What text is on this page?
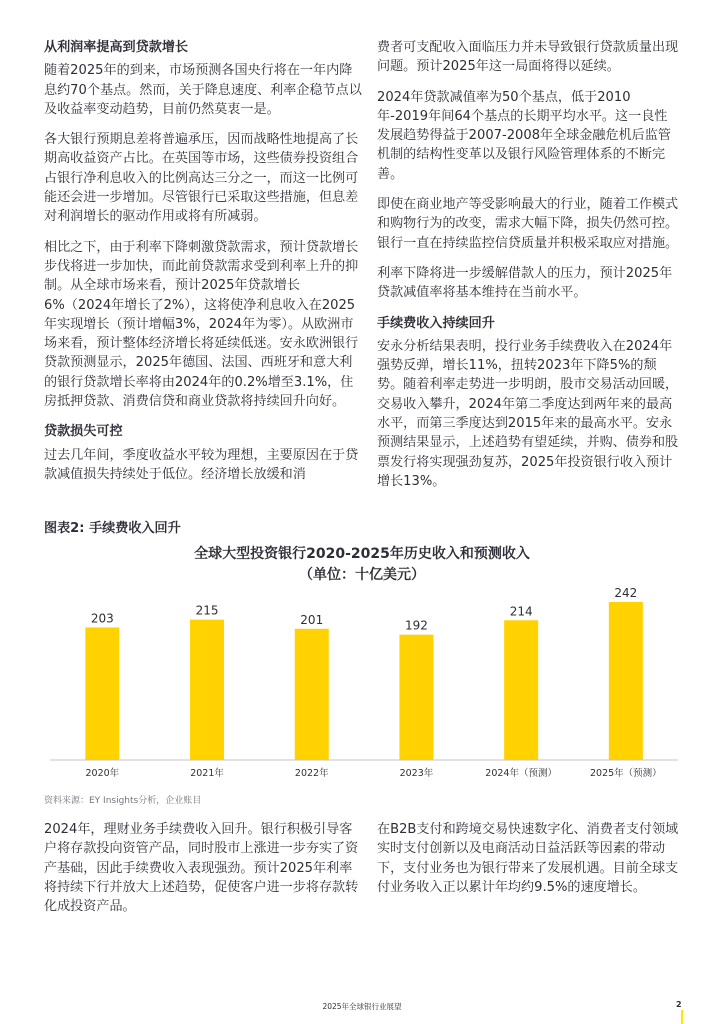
从利润率提高到贷款增长

随着2025年的到来，市场预测各国央行将在一年内降息约70个基点。然而，关于降息速度、利率企稳节点以及收益率变动趋势，目前仍然莫衷一是。

各大银行预期息差将普遍承压，因而战略性地提高了长期高收益资产占比。在英国等市场，这些债券投资组合占银行净利息收入的比例高达三分之一，而这一比例可能还会进一步增加。尽管银行已采取这些措施，但息差对利润增长的驱动作用或将有所减弱。

相比之下，由于利率下降刺激贷款需求，预计贷款增长步伐将进一步加快，而此前贷款需求受到利率上升的抑制。从全球市场来看，预计2025年贷款增长6%（2024年增长了2%），这将使净利息收入在2025年实现增长（预计增幅3%，2024年为零）。从欧洲市场来看，预计整体经济增长将延续低迷。安永欧洲银行贷款预测显示，2025年德国、法国、西班牙和意大利的银行贷款增长率将由2024年的0.2%增至3.1%，住房抵押贷款、消费信贷和商业贷款将持续回升向好。

贷款损失可控

过去几年间，季度收益水平较为理想，主要原因在于贷款减值损失持续处于低位。经济增长放缓和消

费者可支配收入面临压力并未导致银行贷款质量出现问题。预计2025年这一局面将得以延续。

2024年贷款减值率为50个基点，低于2010年-2019年间64个基点的长期平均水平。这一良性发展趋势得益于2007-2008年全球金融危机后监管机制的结构性变革以及银行风险管理体系的不断完善。

即使在商业地产等受影响最大的行业，随着工作模式和购物行为的改变，需求大幅下降，损失仍然可控。银行一直在持续监控信贷质量并积极采取应对措施。

利率下降将进一步缓解借款人的压力，预计2025年贷款减值率将基本维持在当前水平。

手续费收入持续回升

安永分析结果表明，投行业务手续费收入在2024年强势反弹，增长11%，扭转2023年下降5%的颓势。随着利率走势进一步明朗，股市交易活动回暖，交易收入攀升，2024年第二季度达到两年来的最高水平，而第三季度达到2015年来的最高水平。安永预测结果显示，上述趋势有望延续，并购、债券和股票发行将实现强劲复苏，2025年投资银行收入预计增长13%。

图表2: 手续费收入回升
全球大型投资银行2020-2025年历史收入和预测收入
（单位：十亿美元）
203
215
201	192
214
242
2020年	2021年	2022年	2023年	2024年（预测）	2025年（预测）
资料来源：EY Insights分析，企业账目

2024年，理财业务手续费收入回升。银行积极引导客户将存款投向资管产品，同时股市上涨进一步夯实了资产基础，因此手续费收入表现强劲。预计2025年利率将持续下行并放大上述趋势，促使客户进一步将存款转化成投资产品。

在B2B支付和跨境交易快速数字化、消费者支付领域实时支付创新以及电商活动日益活跃等因素的带动下，支付业务也为银行带来了发展机遇。目前全球支付业务收入正以累计年均约9.5%的速度增长。

2025年全球银行业展望	2
